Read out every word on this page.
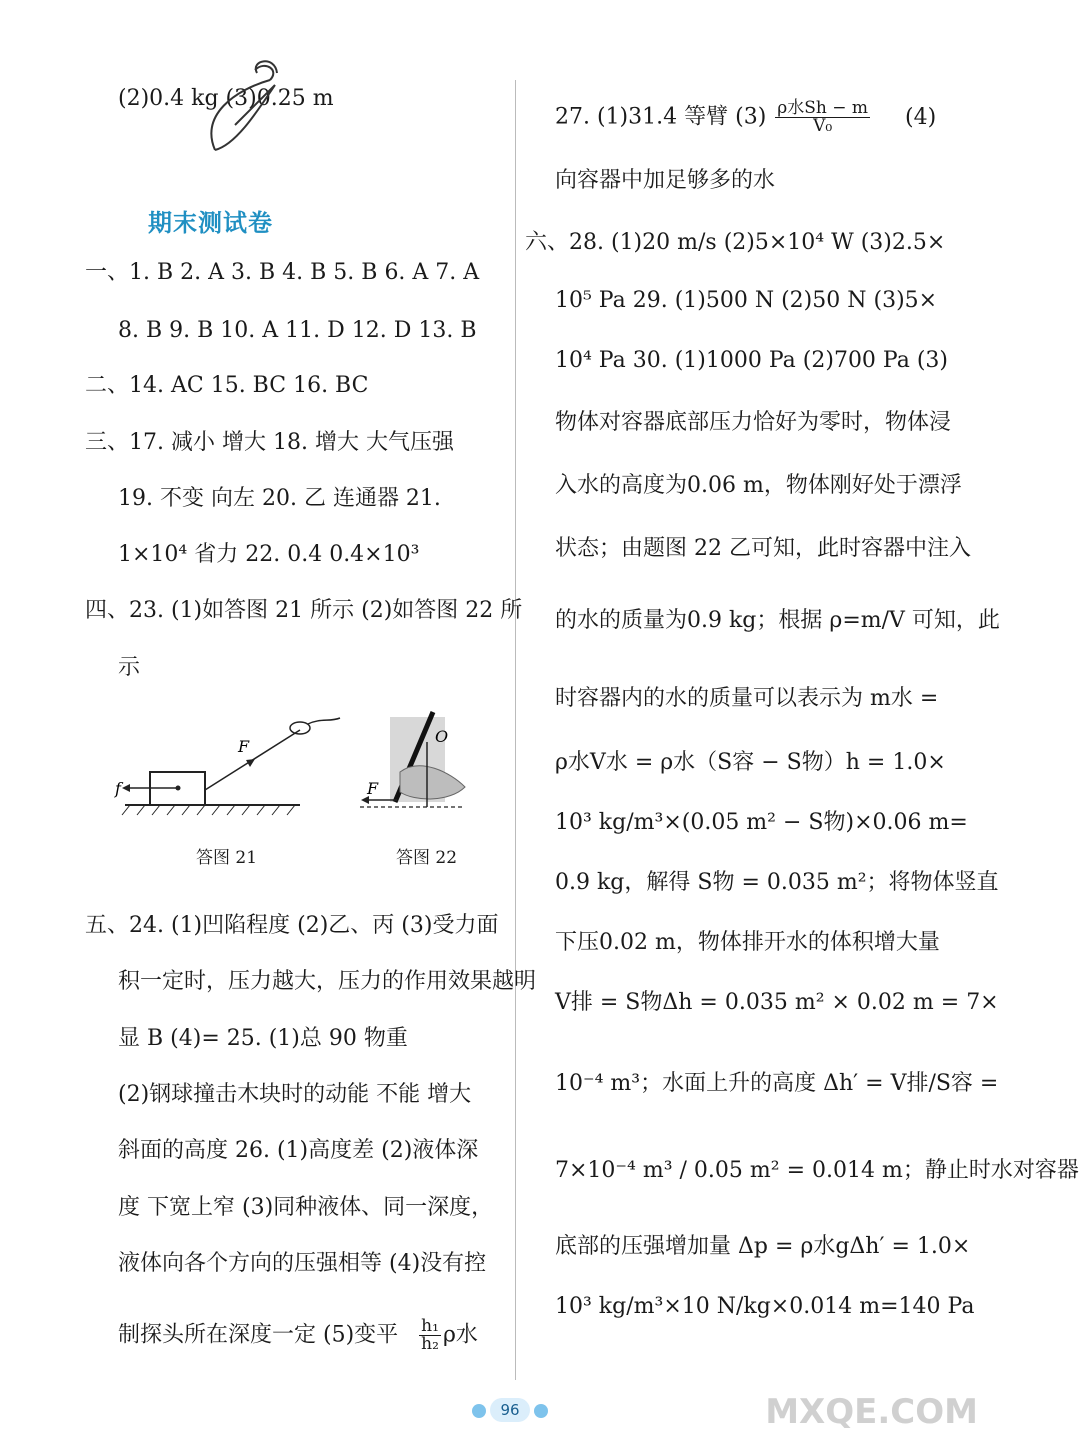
(2)0.4 kg (3)0.25 m
期末测试卷
一、1. B 2. A 3. B 4. B 5. B 6. A 7. A
8. B 9. B 10. A 11. D 12. D 13. B
二、14. AC 15. BC 16. BC
三、17. 减小 增大 18. 增大 大气压强
19. 不变 向左 20. 乙 连通器 21.
1×10⁴ 省力 22. 0.4 0.4×10³
四、23. (1)如答图 21 所示 (2)如答图 22 所
示
f
F
答图 21
O
F
答图 22
五、24. (1)凹陷程度 (2)乙、丙 (3)受力面
积一定时，压力越大，压力的作用效果越明
显 B (4)= 25. (1)总 90 物重
(2)钢球撞击木块时的动能 不能 增大
斜面的高度 26. (1)高度差 (2)液体深
度 下宽上窄 (3)同种液体、同一深度，
液体向各个方向的压强相等 (4)没有控
制探头所在深度一定 (5)变平 $\frac{\text{h₁}}{\text{h₂}}$ ρ水
27. (1)31.4 等臂 $(3) \frac{\text{ρ水Sh − m}}{\text{V₀}} (4)$
向容器中加足够多的水
六、28. (1)20 m/s (2)5×10⁴ W (3)2.5×
10⁵ Pa 29. (1)500 N (2)50 N (3)5×
10⁴ Pa 30. (1)1000 Pa (2)700 Pa (3)
物体对容器底部压力恰好为零时，物体浸
入水的高度为0.06 m，物体刚好处于漂浮
状态；由题图 22 乙可知，此时容器中注入
的水的质量为0.9 kg；根据 ρ=m/V 可知，此
时容器内的水的质量可以表示为 m水 =
ρ水V水 = ρ水（S容 − S物）h = 1.0×
10³ kg/m³×(0.05 m² − S物)×0.06 m=
0.9 kg，解得 S物 = 0.035 m²；将物体竖直
下压0.02 m，物体排开水的体积增大量
V排 = S物Δh = 0.035 m² × 0.02 m = 7×
10⁻⁴ m³；水面上升的高度 Δh′ = V排/S容 =
7×10⁻⁴ m³ / 0.05 m² = 0.014 m；静止时水对容器
底部的压强增加量 Δp = ρ水gΔh′ = 1.0×
10³ kg/m³×10 N/kg×0.014 m=140 Pa
96	MXQE.COM
